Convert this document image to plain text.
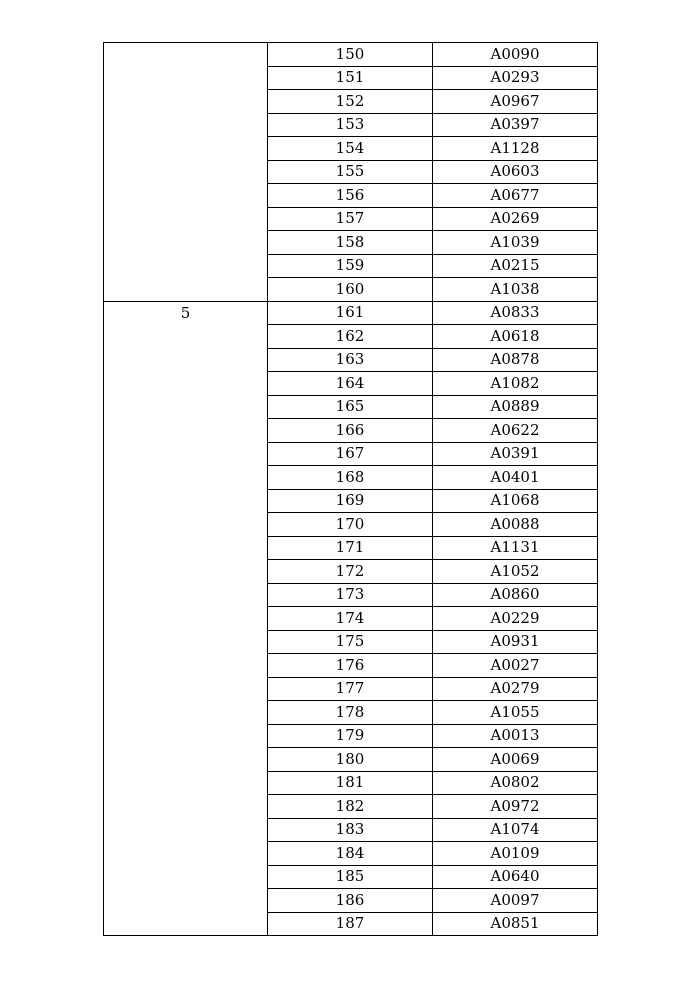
	150	A0090
	151	A0293
	152	A0967
	153	A0397
	154	A1128
	155	A0603
	156	A0677
	157	A0269
	158	A1039
	159	A0215
	160	A1038
5	161	A0833
	162	A0618
	163	A0878
	164	A1082
	165	A0889
	166	A0622
	167	A0391
	168	A0401
	169	A1068
	170	A0088
	171	A1131
	172	A1052
	173	A0860
	174	A0229
	175	A0931
	176	A0027
	177	A0279
	178	A1055
	179	A0013
	180	A0069
	181	A0802
	182	A0972
	183	A1074
	184	A0109
	185	A0640
	186	A0097
	187	A0851
